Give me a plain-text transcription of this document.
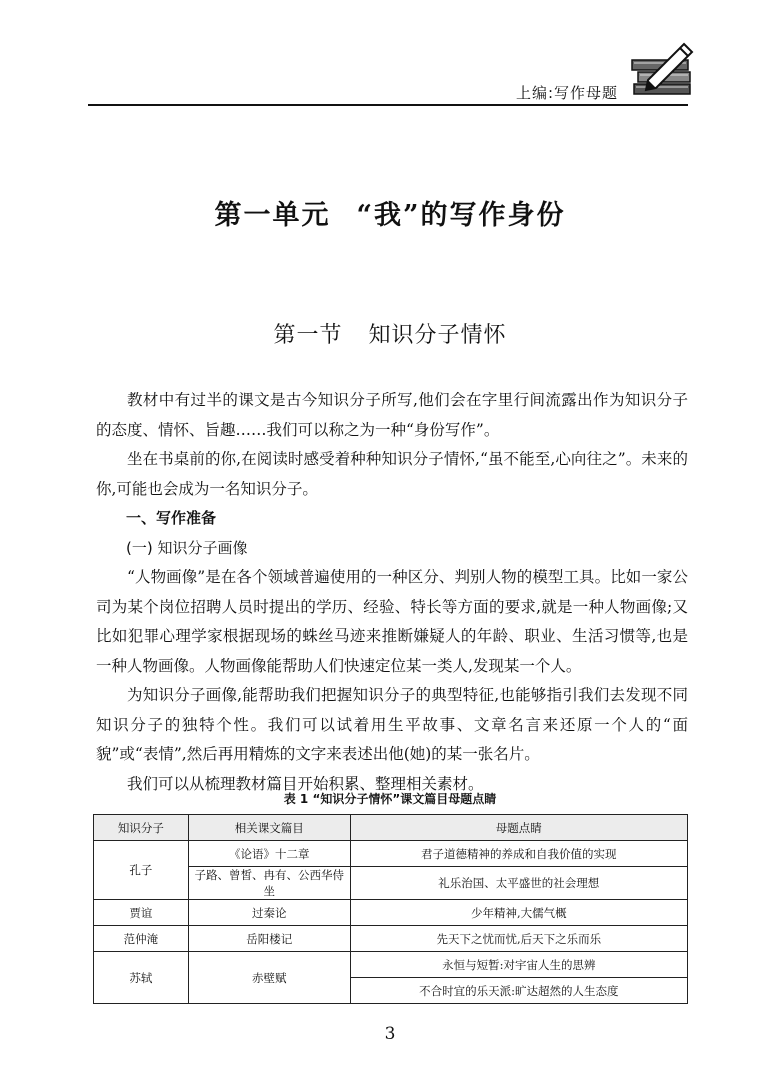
上编:写作母题
第一单元 “我”的写作身份
第一节 知识分子情怀

教材中有过半的课文是古今知识分子所写,他们会在字里行间流露出作为知识分子的态度、情怀、旨趣……我们可以称之为一种“身份写作”。

坐在书桌前的你,在阅读时感受着种种知识分子情怀,“虽不能至,心向往之”。未来的你,可能也会成为一名知识分子。

一、写作准备

(一) 知识分子画像

“人物画像”是在各个领域普遍使用的一种区分、判别人物的模型工具。比如一家公司为某个岗位招聘人员时提出的学历、经验、特长等方面的要求,就是一种人物画像;又比如犯罪心理学家根据现场的蛛丝马迹来推断嫌疑人的年龄、职业、生活习惯等,也是一种人物画像。人物画像能帮助人们快速定位某一类人,发现某一个人。

为知识分子画像,能帮助我们把握知识分子的典型特征,也能够指引我们去发现不同知识分子的独特个性。我们可以试着用生平故事、文章名言来还原一个人的“面貌”或“表情”,然后再用精炼的文字来表述出他(她)的某一张名片。

我们可以从梳理教材篇目开始积累、整理相关素材。

表 1 “知识分子情怀”课文篇目母题点睛
知识分子	相关课文篇目	母题点睛
孔子	《论语》十二章	君子道德精神的养成和自我价值的实现
	子路、曾皙、冉有、公西华侍坐	礼乐治国、太平盛世的社会理想
贾谊	过秦论	少年精神,大儒气概
范仲淹	岳阳楼记	先天下之忧而忧,后天下之乐而乐
苏轼	赤壁赋	永恒与短暂:对宇宙人生的思辨
		不合时宜的乐天派:旷达超然的人生态度
3
